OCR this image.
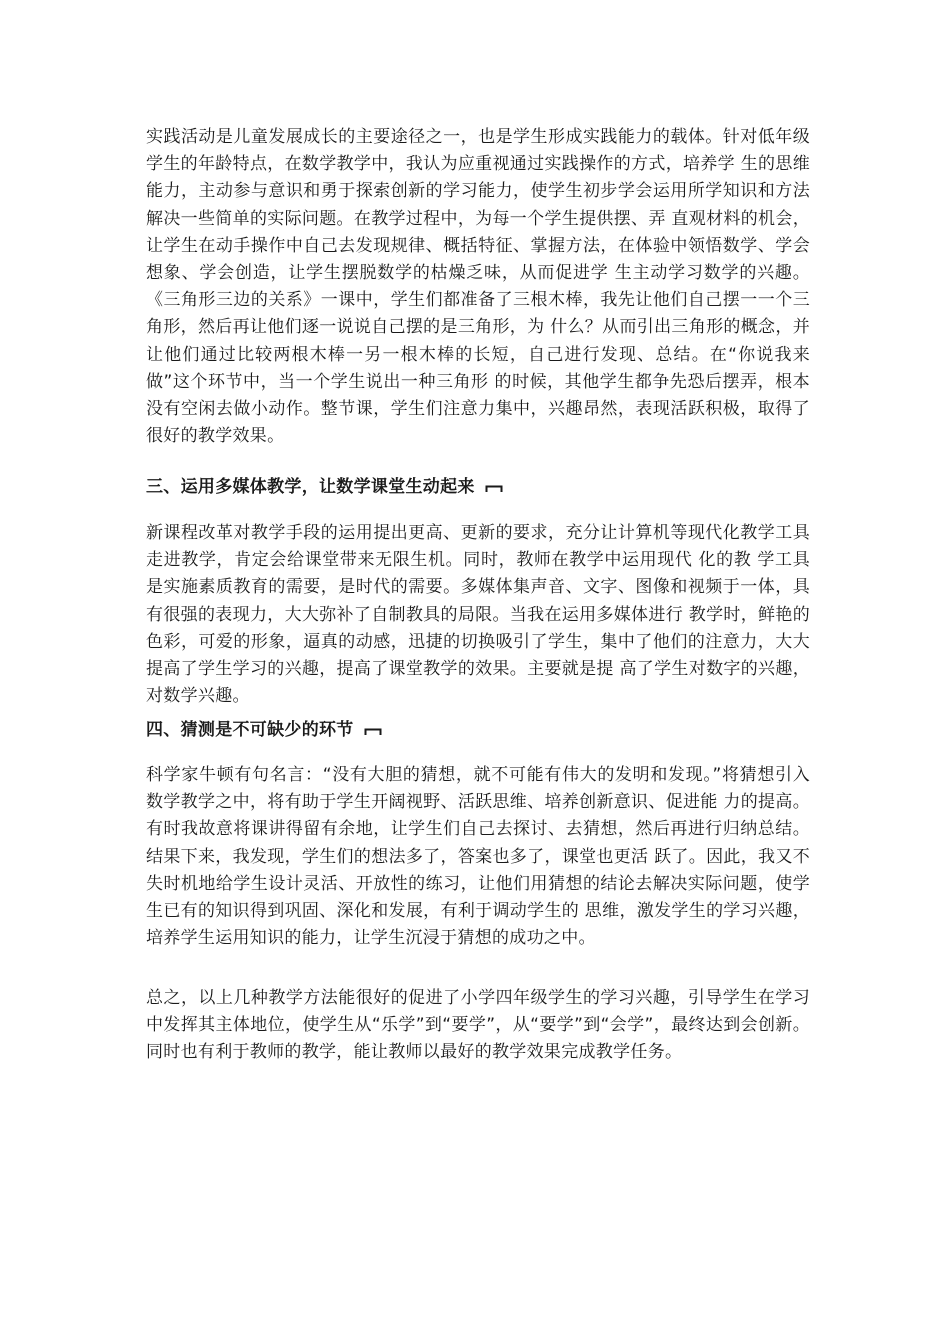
实践活动是儿童发展成长的主要途径之一，也是学生形成实践能力的载体。针对低年级学生的年龄特点，在数学教学中，我认为应重视通过实践操作的方式，培养学 生的思维能力，主动参与意识和勇于探索创新的学习能力，使学生初步学会运用所学知识和方法解决一些简单的实际问题。在教学过程中，为每一个学生提供摆、弄 直观材料的机会，让学生在动手操作中自己去发现规律、概括特征、掌握方法，在体验中领悟数学、学会想象、学会创造，让学生摆脱数学的枯燥乏味，从而促进学 生主动学习数学的兴趣。《三角形三边的关系》一课中，学生们都准备了三根木棒，我先让他们自己摆一一个三角形，然后再让他们逐一说说自己摆的是三角形，为 什么？从而引出三角形的概念，并让他们通过比较两根木棒一另一根木棒的长短，自己进行发现、总结。在“你说我来做”这个环节中，当一个学生说出一种三角形 的时候，其他学生都争先恐后摆弄，根本没有空闲去做小动作。整节课，学生们注意力集中，兴趣昂然，表现活跃积极，取得了很好的教学效果。

三、运用多媒体教学，让数学课堂生动起来

新课程改革对教学手段的运用提出更高、更新的要求，充分让计算机等现代化教学工具走进教学，肯定会给课堂带来无限生机。同时，教师在教学中运用现代 化的教 学工具是实施素质教育的需要，是时代的需要。多媒体集声音、文字、图像和视频于一体，具有很强的表现力，大大弥补了自制教具的局限。当我在运用多媒体进行 教学时，鲜艳的色彩，可爱的形象，逼真的动感，迅捷的切换吸引了学生，集中了他们的注意力，大大提高了学生学习的兴趣，提高了课堂教学的效果。主要就是提 高了学生对数字的兴趣，对数学兴趣。

四、猜测是不可缺少的环节

科学家牛顿有句名言：“没有大胆的猜想，就不可能有伟大的发明和发现。”将猜想引入数学教学之中，将有助于学生开阔视野、活跃思维、培养创新意识、促进能 力的提高。有时我故意将课讲得留有余地，让学生们自己去探讨、去猜想，然后再进行归纳总结。结果下来，我发现，学生们的想法多了，答案也多了，课堂也更活 跃了。因此，我又不失时机地给学生设计灵活、开放性的练习，让他们用猜想的结论去解决实际问题，使学生已有的知识得到巩固、深化和发展，有利于调动学生的 思维，激发学生的学习兴趣，培养学生运用知识的能力，让学生沉浸于猜想的成功之中。

总之，以上几种教学方法能很好的促进了小学四年级学生的学习兴趣，引导学生在学习中发挥其主体地位，使学生从“乐学”到“要学”，从“要学”到“会学”，最终达到会创新。同时也有利于教师的教学，能让教师以最好的教学效果完成教学任务。
